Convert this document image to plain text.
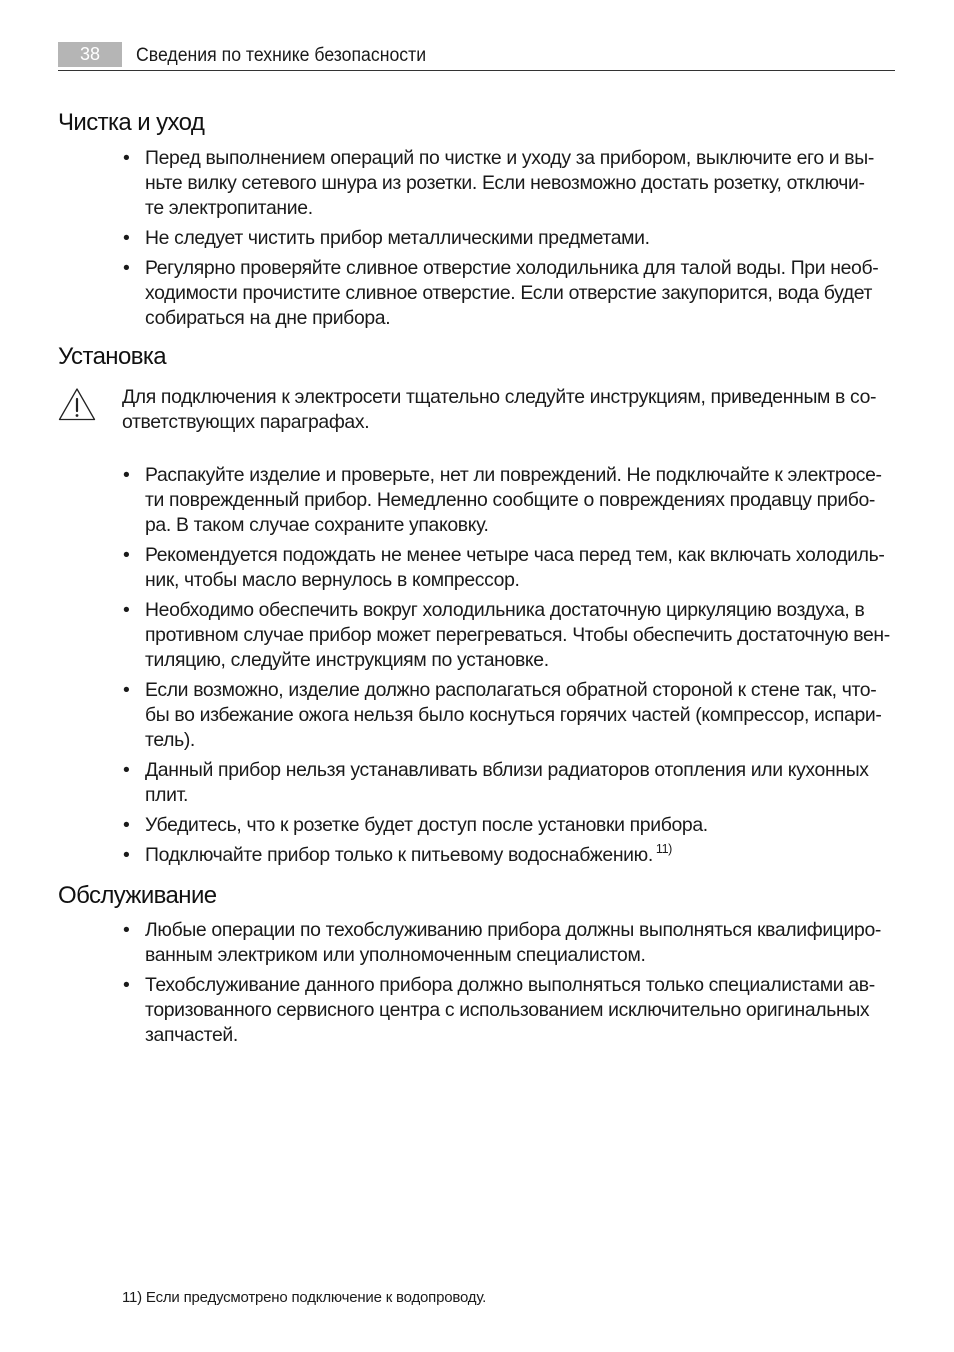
38	Сведения по технике безопасности
Чистка и уход
• Перед выполнением операций по чистке и уходу за прибором, выключите его и вы-
ньте вилку сетевого шнура из розетки. Если невозможно достать розетку, отключи-
те электропитание.
• Не следует чистить прибор металлическими предметами.
• Регулярно проверяйте сливное отверстие холодильника для талой воды. При необ-
ходимости прочистите сливное отверстие. Если отверстие закупорится, вода будет
собираться на дне прибора.
Установка
Для подключения к электросети тщательно следуйте инструкциям, приведенным в со-
ответствующих параграфах.
• Распакуйте изделие и проверьте, нет ли повреждений. Не подключайте к электросе-
ти поврежденный прибор. Немедленно сообщите о повреждениях продавцу прибо-
ра. В таком случае сохраните упаковку.
• Рекомендуется подождать не менее четыре часа перед тем, как включать холодиль-
ник, чтобы масло вернулось в компрессор.
• Необходимо обеспечить вокруг холодильника достаточную циркуляцию воздуха, в
противном случае прибор может перегреваться. Чтобы обеспечить достаточную вен-
тиляцию, следуйте инструкциям по установке.
• Если возможно, изделие должно располагаться обратной стороной к стене так, что-
бы во избежание ожога нельзя было коснуться горячих частей (компрессор, испари-
тель).
• Данный прибор нельзя устанавливать вблизи радиаторов отопления или кухонных
плит.
• Убедитесь, что к розетке будет доступ после установки прибора.
• Подключайте прибор только к питьевому водоснабжению. $^{11)}$
Обслуживание
• Любые операции по техобслуживанию прибора должны выполняться квалифициро-
ванным электриком или уполномоченным специалистом.
• Техобслуживание данного прибора должно выполняться только специалистами ав-
торизованного сервисного центра с использованием исключительно оригинальных
запчастей.
11) Если предусмотрено подключение к водопроводу.
